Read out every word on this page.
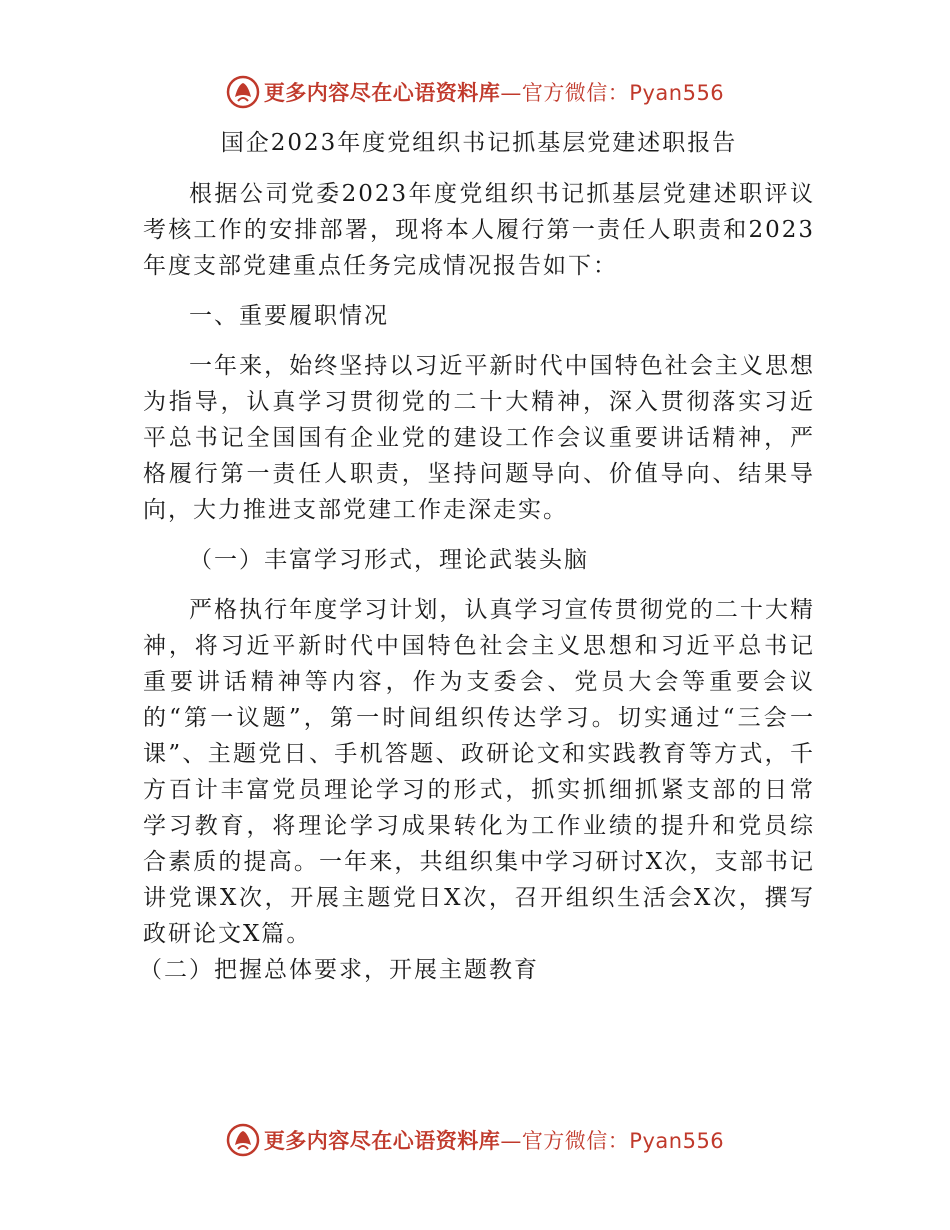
更多内容尽在心语资料库 —官方微信：Pyan556

国企2023年度党组织书记抓基层党建述职报告

根据公司党委2023年度党组织书记抓基层党建述职评议考核工作的安排部署，现将本人履行第一责任人职责和2023年度支部党建重点任务完成情况报告如下：

一、重要履职情况

一年来，始终坚持以习近平新时代中国特色社会主义思想为指导，认真学习贯彻党的二十大精神，深入贯彻落实习近平总书记全国国有企业党的建设工作会议重要讲话精神，严格履行第一责任人职责，坚持问题导向、价值导向、结果导向，大力推进支部党建工作走深走实。

（一）丰富学习形式，理论武装头脑

严格执行年度学习计划，认真学习宣传贯彻党的二十大精神，将习近平新时代中国特色社会主义思想和习近平总书记重要讲话精神等内容，作为支委会、党员大会等重要会议的“第一议题”，第一时间组织传达学习。切实通过“三会一课”、主题党日、手机答题、政研论文和实践教育等方式，千方百计丰富党员理论学习的形式，抓实抓细抓紧支部的日常学习教育，将理论学习成果转化为工作业绩的提升和党员综合素质的提高。一年来，共组织集中学习研讨X次，支部书记讲党课X次，开展主题党日X次，召开组织生活会X次，撰写政研论文X篇。

（二）把握总体要求，开展主题教育

更多内容尽在心语资料库 —官方微信：Pyan556
